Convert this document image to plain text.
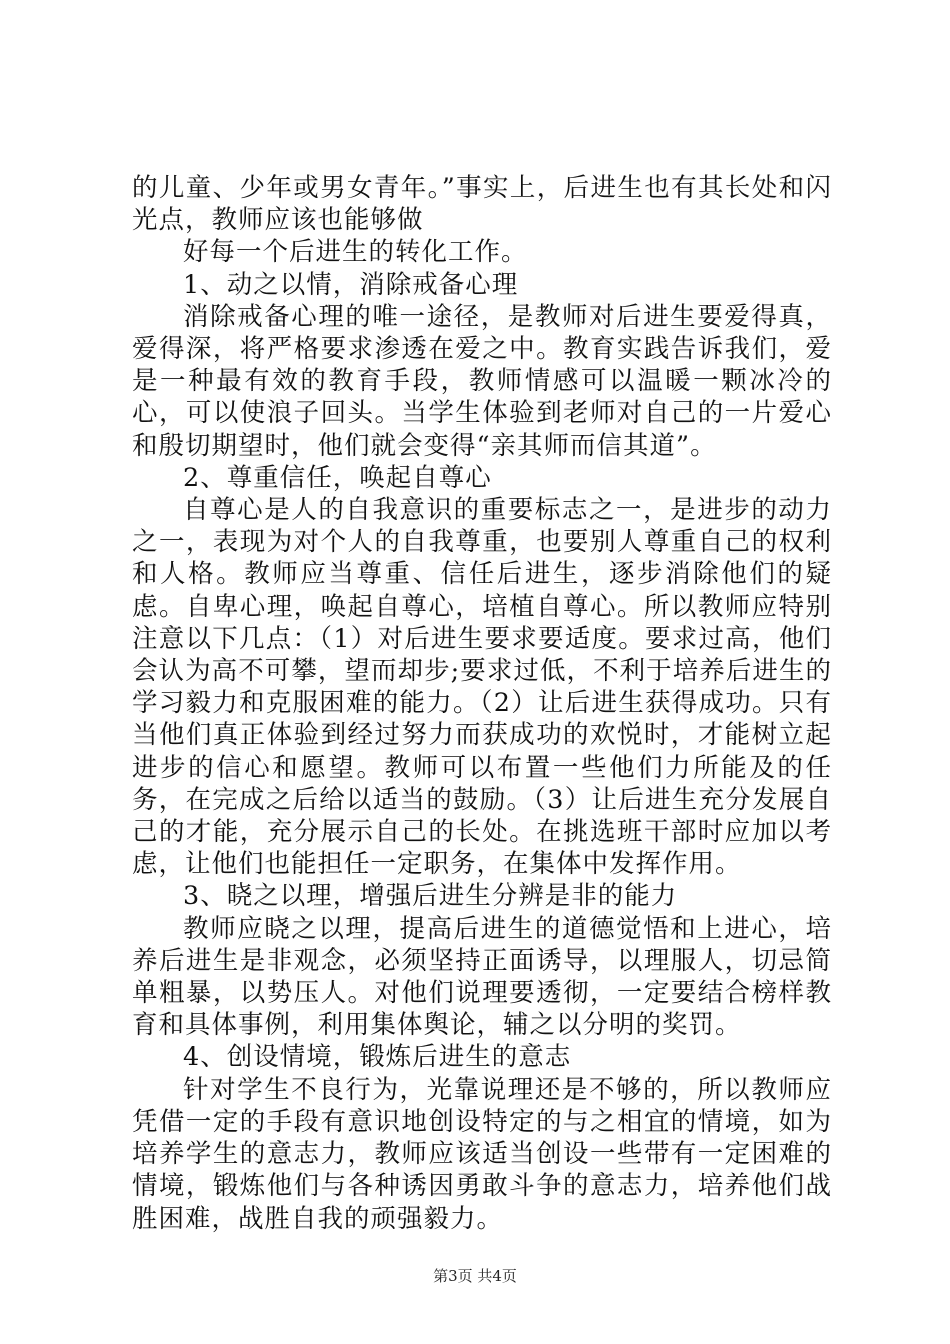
的儿童、少年或男女青年。”事实上，后进生也有其长处和闪光点，教师应该也能够做

好每一个后进生的转化工作。

1、动之以情，消除戒备心理

消除戒备心理的唯一途径，是教师对后进生要爱得真，爱得深，将严格要求渗透在爱之中。教育实践告诉我们，爱是一种最有效的教育手段，教师情感可以温暖一颗冰冷的心，可以使浪子回头。当学生体验到老师对自己的一片爱心和殷切期望时，他们就会变得“亲其师而信其道”。

2、尊重信任，唤起自尊心

自尊心是人的自我意识的重要标志之一，是进步的动力之一，表现为对个人的自我尊重，也要别人尊重自己的权利和人格。教师应当尊重、信任后进生，逐步消除他们的疑虑。自卑心理，唤起自尊心，培植自尊心。所以教师应特别注意以下几点：（1）对后进生要求要适度。要求过高，他们会认为高不可攀，望而却步;要求过低，不利于培养后进生的学习毅力和克服困难的能力。（2）让后进生获得成功。只有当他们真正体验到经过努力而获成功的欢悦时，才能树立起进步的信心和愿望。教师可以布置一些他们力所能及的任务，在完成之后给以适当的鼓励。（3）让后进生充分发展自己的才能，充分展示自己的长处。在挑选班干部时应加以考虑，让他们也能担任一定职务，在集体中发挥作用。

3、晓之以理，增强后进生分辨是非的能力

教师应晓之以理，提高后进生的道德觉悟和上进心，培养后进生是非观念，必须坚持正面诱导，以理服人，切忌简单粗暴，以势压人。对他们说理要透彻，一定要结合榜样教育和具体事例，利用集体舆论，辅之以分明的奖罚。

4、创设情境，锻炼后进生的意志

针对学生不良行为，光靠说理还是不够的，所以教师应凭借一定的手段有意识地创设特定的与之相宜的情境，如为培养学生的意志力，教师应该适当创设一些带有一定困难的情境，锻炼他们与各种诱因勇敢斗争的意志力，培养他们战胜困难，战胜自我的顽强毅力。

第3页 共4页
